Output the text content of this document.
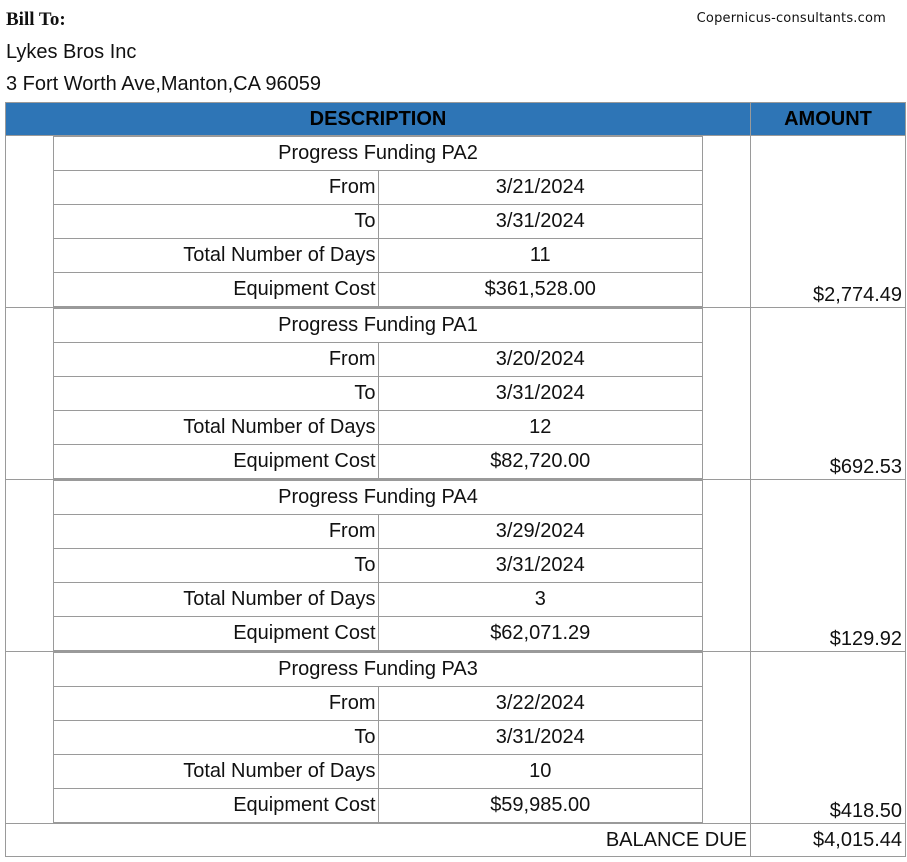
Bill To:	Copernicus-consultants.com
Lykes Bros Inc
3 Fort Worth Ave,Manton,CA 96059
DESCRIPTION	AMOUNT

Progress Funding PA2
From	3/21/2024
To	3/31/2024
Total Number of Days	11
Equipment Cost	$361,528.00
		$2,774.49

Progress Funding PA1
From	3/20/2024
To	3/31/2024
Total Number of Days	12
Equipment Cost	$82,720.00
		$692.53

Progress Funding PA4
From	3/29/2024
To	3/31/2024
Total Number of Days	3
Equipment Cost	$62,071.29
		$129.92

Progress Funding PA3
From	3/22/2024
To	3/31/2024
Total Number of Days	10
Equipment Cost	$59,985.00
		$418.50

BALANCE DUE	$4,015.44
